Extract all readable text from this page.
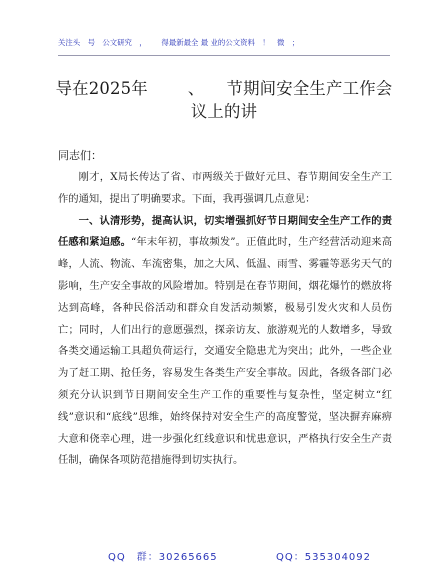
关注头　号　公文研究　， 得最新最全 最 业的公文资料　！　微　；
导在2025年 、 节期间安全生产工作会
议上的讲
同志们：

刚才，X局长传达了省、市两级关于做好元旦、春节期间安全生产工作的通知，提出了明确要求。下面，我再强调几点意见：

一、认清形势，提高认识，切实增强抓好节日期间安全生产工作的责任感和紧迫感。“年末年初，事故频发”。正值此时，生产经营活动迎来高峰，人流、物流、车流密集，加之大风、低温、雨雪、雾霾等恶劣天气的影响，生产安全事故的风险增加。特别是在春节期间，烟花爆竹的燃放将达到高峰，各种民俗活动和群众自发活动频繁，极易引发火灾和人员伤亡；同时，人们出行的意愿强烈，探亲访友、旅游观光的人数增多，导致各类交通运输工具超负荷运行，交通安全隐患尤为突出；此外，一些企业为了赶工期、抢任务，容易发生各类生产安全事故。因此，各级各部门必须充分认识到节日期间安全生产工作的重要性与复杂性，坚定树立“红线”意识和“底线”思维，始终保持对安全生产的高度警觉，坚决摒弃麻痹大意和侥幸心理，进一步强化红线意识和忧患意识，严格执行安全生产责任制，确保各项防范措施得到切实执行。

QQ　群：30265665	QQ：535304092
